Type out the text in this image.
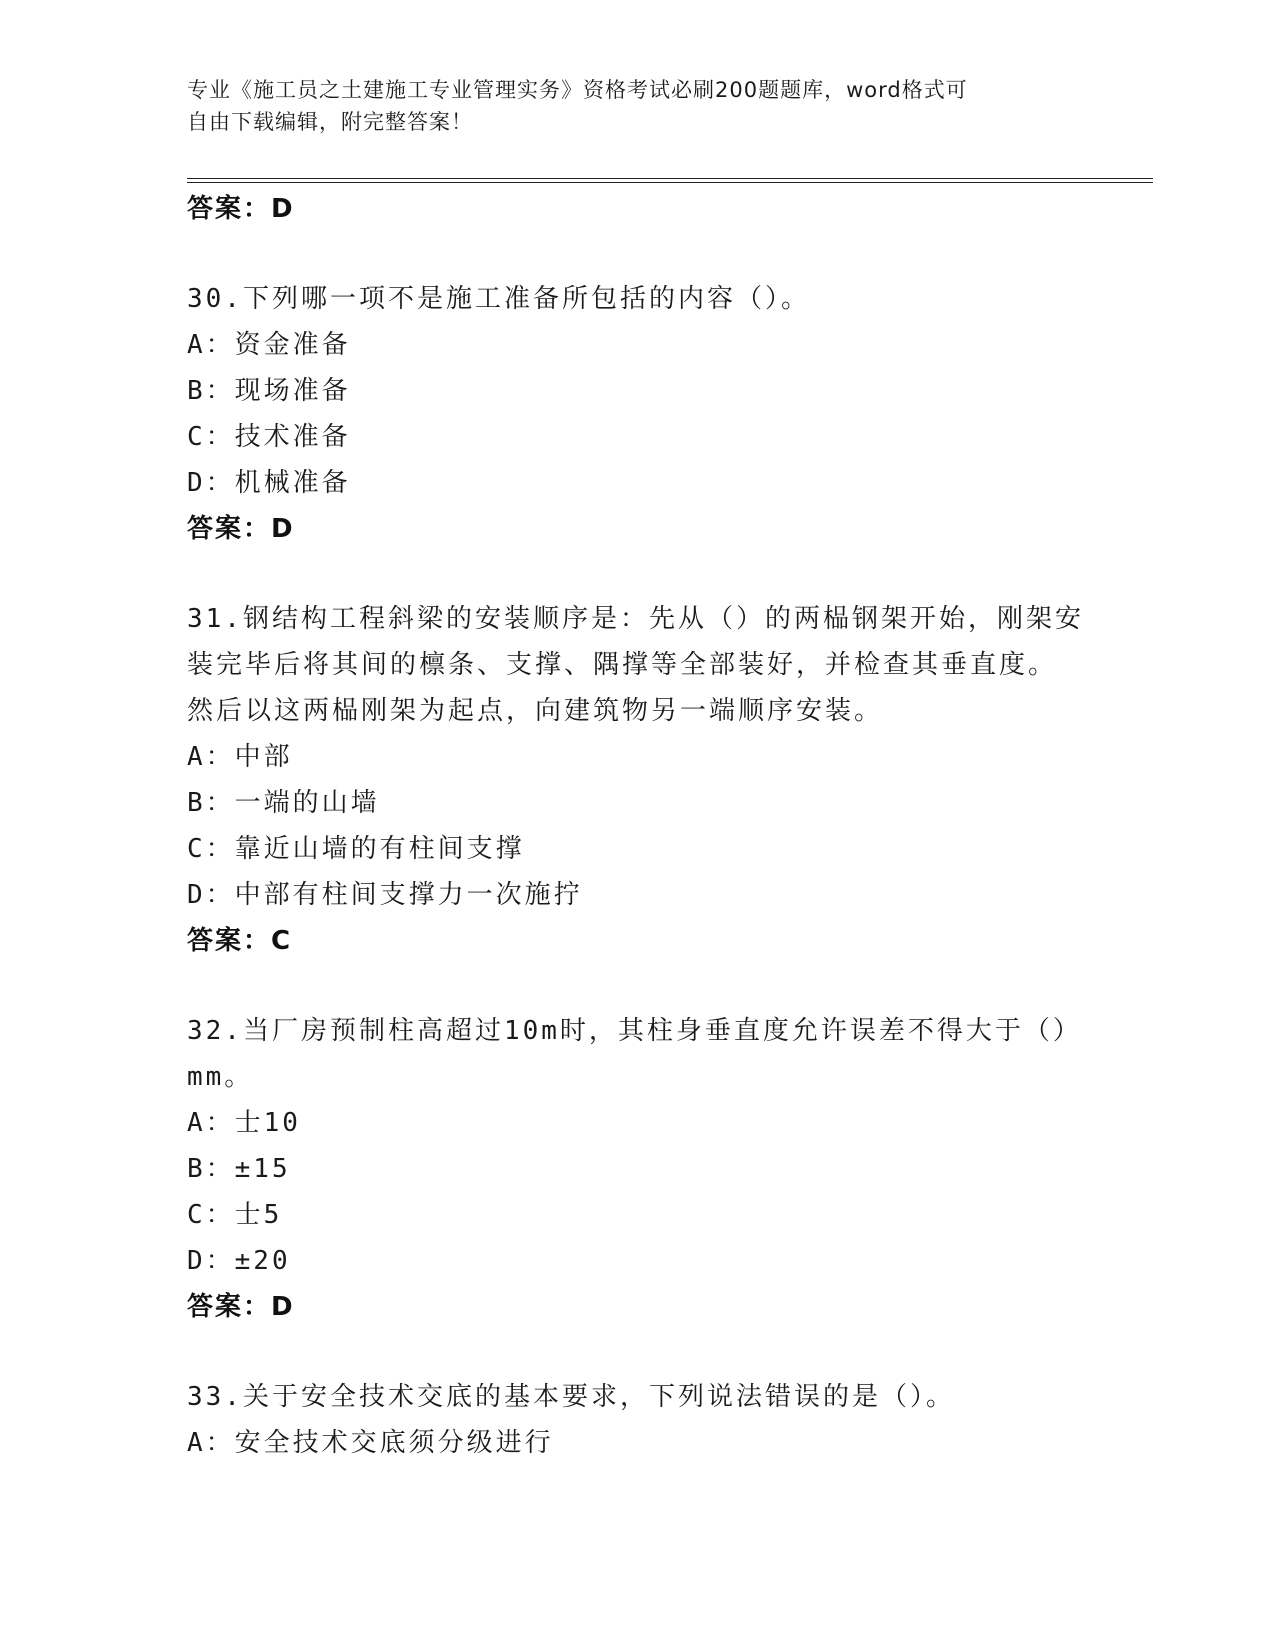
专业《施工员之土建施工专业管理实务》资格考试必刷200题题库，word格式可
自由下载编辑，附完整答案！
答案：D
30.下列哪一项不是施工准备所包括的内容（）。
A：资金准备
B：现场准备
C：技术准备
D：机械准备
答案：D
31.钢结构工程斜梁的安装顺序是：先从（）的两榀钢架开始，刚架安
装完毕后将其间的檩条、支撑、隅撑等全部装好，并检查其垂直度。
然后以这两榀刚架为起点，向建筑物另一端顺序安装。
A：中部
B：一端的山墙
C：靠近山墙的有柱间支撑
D：中部有柱间支撑力一次施拧
答案：C
32.当厂房预制柱高超过10m时，其柱身垂直度允许误差不得大于（）
mm。
A：士10
B：±15
C：士5
D：±20
答案：D
33.关于安全技术交底的基本要求，下列说法错误的是（）。
A：安全技术交底须分级进行
